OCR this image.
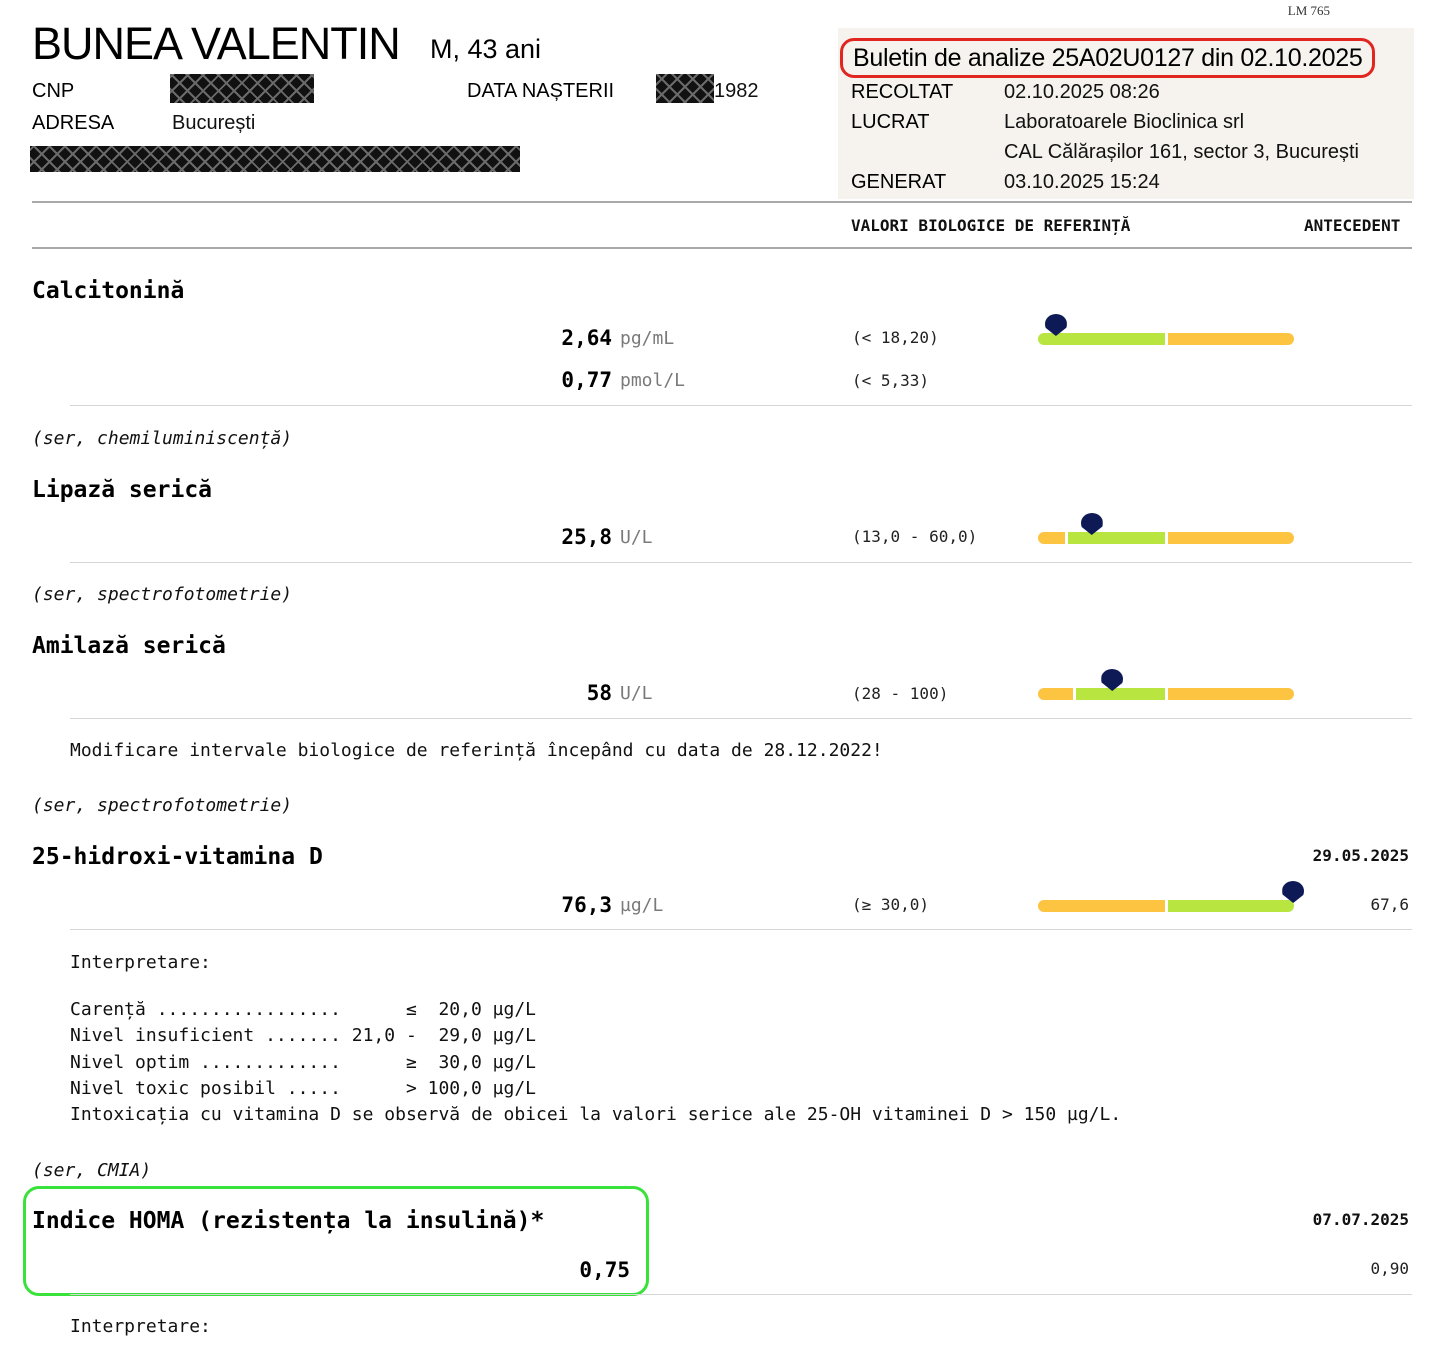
LM 765
BUNEA VALENTIN M, 43 ani
CNP	DATA NAȘTERII	1982
ADRESA	București
Buletin de analize 25A02U0127 din 02.10.2025
RECOLTAT	02.10.2025 08:26
LUCRAT	Laboratoarele Bioclinica srl
CAL Călărașilor 161, sector 3, București
GENERAT	03.10.2025 15:24
VALORI BIOLOGICE DE REFERINȚĂ	ANTECEDENT
Calcitonină
2,64 pg/mL	(< 18,20)
0,77 pmol/L	(< 5,33)
(ser, chemiluminiscență)
Lipază serică
25,8 U/L	(13,0 - 60,0)
(ser, spectrofotometrie)
Amilază serică
58 U/L	(28 - 100)
Modificare intervale biologice de referință începând cu data de 28.12.2022!
(ser, spectrofotometrie)
25-hidroxi-vitamina D	29.05.2025
76,3 µg/L	(≥ 30,0)	67,6
Interpretare:
Carență .................      ≤  20,0 µg/L
Nivel insuficient ....... 21,0 -  29,0 µg/L
Nivel optim .............      ≥  30,0 µg/L
Nivel toxic posibil .....      > 100,0 µg/L
Intoxicația cu vitamina D se observă de obicei la valori serice ale 25-OH vitaminei D > 150 µg/L.
(ser, CMIA)
Indice HOMA (rezistența la insulină)*	07.07.2025
0,75	0,90
Interpretare:
